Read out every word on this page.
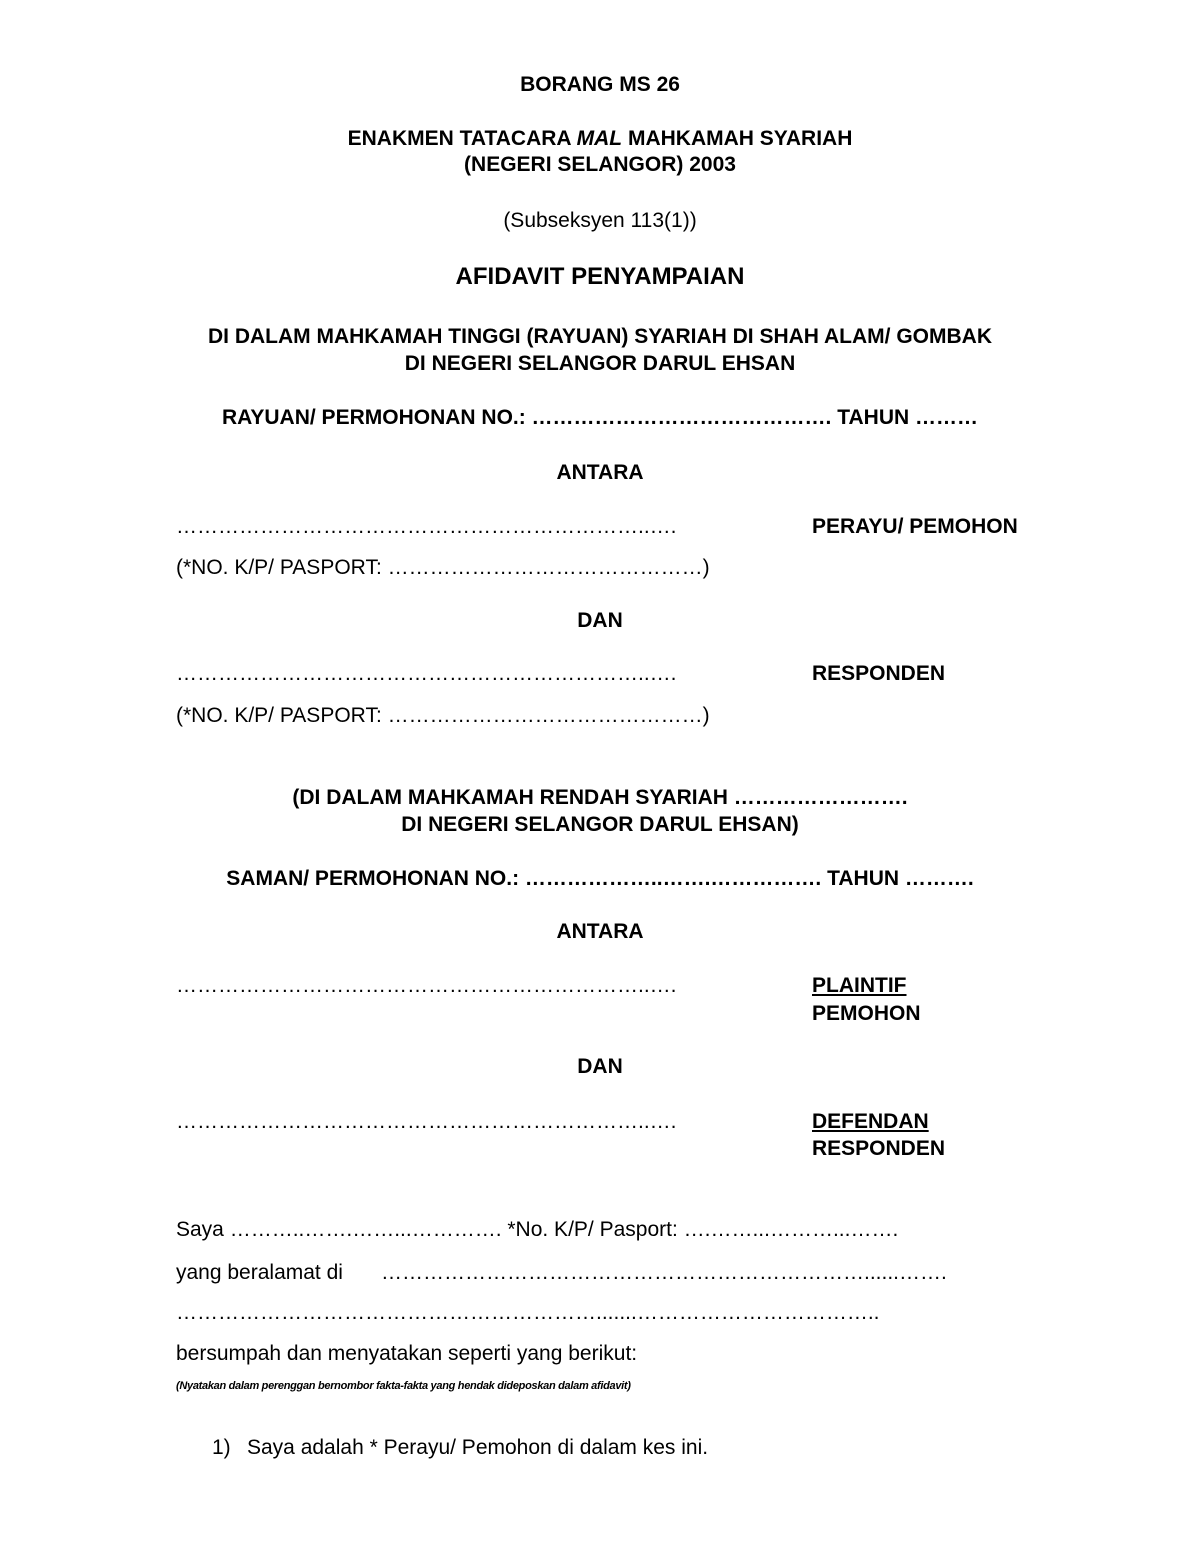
BORANG MS 26
ENAKMEN TATACARA MAL MAHKAMAH SYARIAH
(NEGERI SELANGOR) 2003
(Subseksyen 113(1))
AFIDAVIT PENYAMPAIAN
DI DALAM MAHKAMAH TINGGI (RAYUAN) SYARIAH DI SHAH ALAM/ GOMBAK
DI NEGERI SELANGOR DARUL EHSAN
RAYUAN/ PERMOHONAN NO.: ……………………………………. TAHUN ………
ANTARA
…………………………………………………………..….	PERAYU/ PEMOHON
(*NO. K/P/ PASPORT: ………………………………………)
DAN
…………………………………………………………..….	RESPONDEN
(*NO. K/P/ PASPORT: ………………………………………)
(DI DALAM MAHKAMAH RENDAH SYARIAH …………………….
DI NEGERI SELANGOR DARUL EHSAN)
SAMAN/ PERMOHONAN NO.: ………………..…….……………. TAHUN ……….
ANTARA
…………………………………………………………..….	PLAINTIF
PEMOHON
DAN
…………………………………………………………..….	DEFENDAN
RESPONDEN
Saya ………..…….……...…………. *No. K/P/ Pasport: ….……...………...…….
yang beralamat di ……………………………………………………………......…….
…………………………………………………….......……………………………..
bersumpah dan menyatakan seperti yang berikut:
(Nyatakan dalam perenggan bernombor fakta-fakta yang hendak dideposkan dalam afidavit)
1) Saya adalah * Perayu/ Pemohon di dalam kes ini.
